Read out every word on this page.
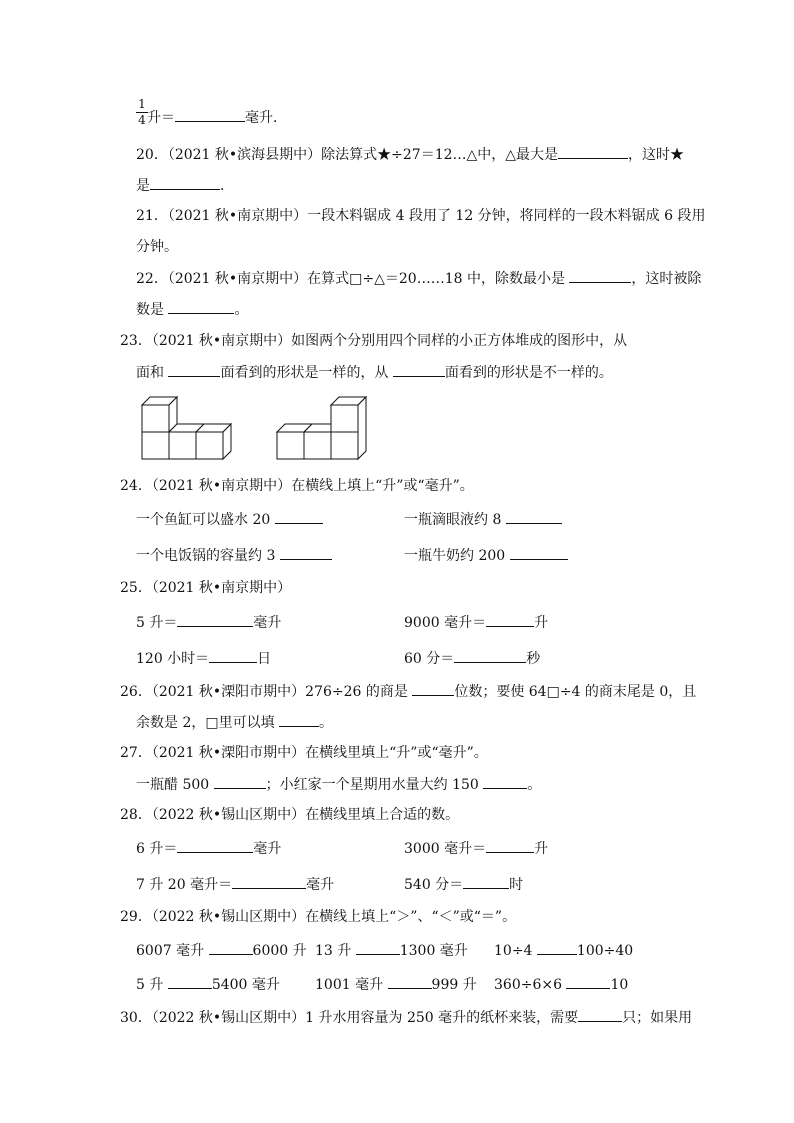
1
4 升＝	毫升．
20．（2021 秋•滨海县期中）除法算式★÷27＝12…△中，△最大是	，这时★
是	．
21．（2021 秋•南京期中）一段木料锯成 4 段用了 12 分钟，将同样的一段木料锯成 6 段用
分钟。
22．（2021 秋•南京期中）在算式□÷△＝20……18 中，除数最小是	，这时被除
数是	。
23．（2021 秋•南京期中）如图两个分别用四个同样的小正方体堆成的图形中，从
面和	面看到的形状是一样的，从	面看到的形状是不一样的。
24．（2021 秋•南京期中）在横线上填上“升”或“毫升”。
一个鱼缸可以盛水 20	一瓶滴眼液约 8
一个电饭锅的容量约 3	一瓶牛奶约 200
25．（2021 秋•南京期中）
5 升＝	毫升	9000 毫升＝	升
120 小时＝	日	60 分＝	秒
26．（2021 秋•溧阳市期中）276÷26 的商是	位数；要使 64□÷4 的商末尾是 0，且
余数是 2，□里可以填	。
27．（2021 秋•溧阳市期中）在横线里填上“升”或“毫升”。
一瓶醋 500	；小红家一个星期用水量大约 150	。
28．（2022 秋•锡山区期中）在横线里填上合适的数。
6 升＝	毫升	3000 毫升＝	升
7 升 20 毫升＝	毫升	540 分＝	时
29．（2022 秋•锡山区期中）在横线上填上“＞”、“＜”或“＝”。
6007 毫升	6000 升 13 升	1300 毫升 10÷4	100÷40
5 升	5400 毫升	1001 毫升	999 升 360÷6×6	10
30．（2022 秋•锡山区期中）1 升水用容量为 250 毫升的纸杯来装，需要	只；如果用
